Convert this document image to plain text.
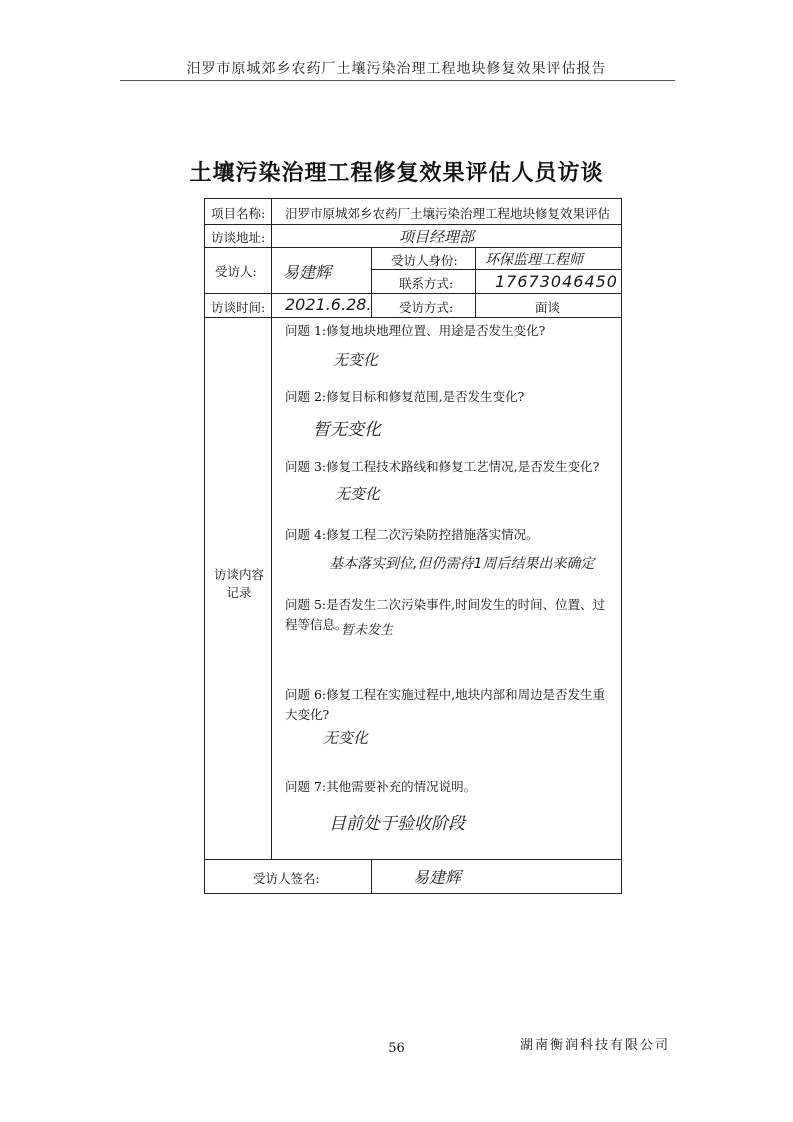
汨罗市原城郊乡农药厂土壤污染治理工程地块修复效果评估报告
土壤污染治理工程修复效果评估人员访谈
项目名称: 汨罗市原城郊乡农药厂土壤污染治理工程地块修复效果评估
访谈地址:	项目经理部
受访人: 易建辉
受访人身份: 环保监理工程师
联系方式:	17673046450
访谈时间: 2021.6.28. 受访方式:	面谈
访谈内容
记录
问题 1:修复地块地理位置、用途是否发生变化?
无变化
问题 2:修复目标和修复范围,是否发生变化?
暂无变化
问题 3:修复工程技术路线和修复工艺情况,是否发生变化?
无变化
问题 4:修复工程二次污染防控措施落实情况。
基本落实到位,但仍需待1周后结果出来确定
问题 5:是否发生二次污染事件,时间发生的时间、位置、过程等信息。
暂未发生
问题 6:修复工程在实施过程中,地块内部和周边是否发生重大变化?
无变化
问题 7:其他需要补充的情况说明。
目前处于验收阶段
受访人签名:	易建辉
56	湖南衡润科技有限公司
